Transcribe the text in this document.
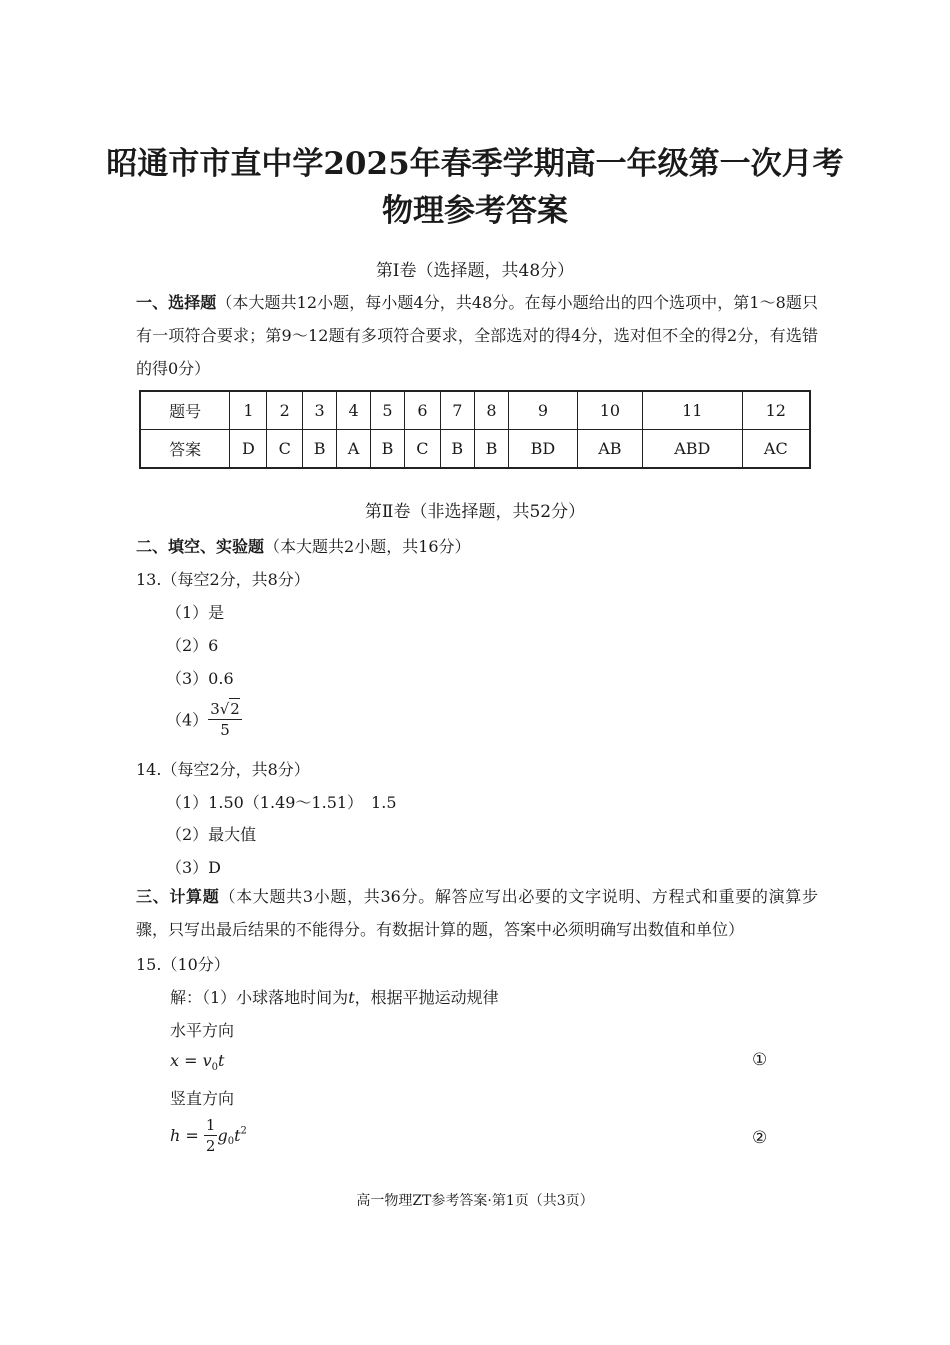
昭通市市直中学2025年春季学期高一年级第一次月考
物理参考答案
第Ⅰ卷（选择题，共48分）
一、选择题（本大题共12小题，每小题4分，共48分。在每小题给出的四个选项中，第1～8题只有一项符合要求；第9～12题有多项符合要求，全部选对的得4分，选对但不全的得2分，有选错的得0分）
题号	1	2	3	4	5	6	7	8	9	10	11	12
答案	D	C	B	A	B	C	B	B	BD	AB	ABD	AC
第Ⅱ卷（非选择题，共52分）
二、填空、实验题（本大题共2小题，共16分）
13.（每空2分，共8分）
（1）是
（2）6
（3）0.6
$(4) \frac{3√2}{5}$
14.（每空2分，共8分）
（1）1.50（1.49～1.51）　1.5
（2）最大值
（3）D
三、计算题（本大题共3小题，共36分。解答应写出必要的文字说明、方程式和重要的演算步骤，只写出最后结果的不能得分。有数据计算的题，答案中必须明确写出数值和单位）
15.（10分）
解：（1）小球落地时间为t，根据平抛运动规律
水平方向
$x = v_0t$	①
竖直方向
$h = \frac{1}{2} g_0t^2$	②
高一物理ZT参考答案·第1页（共3页）
